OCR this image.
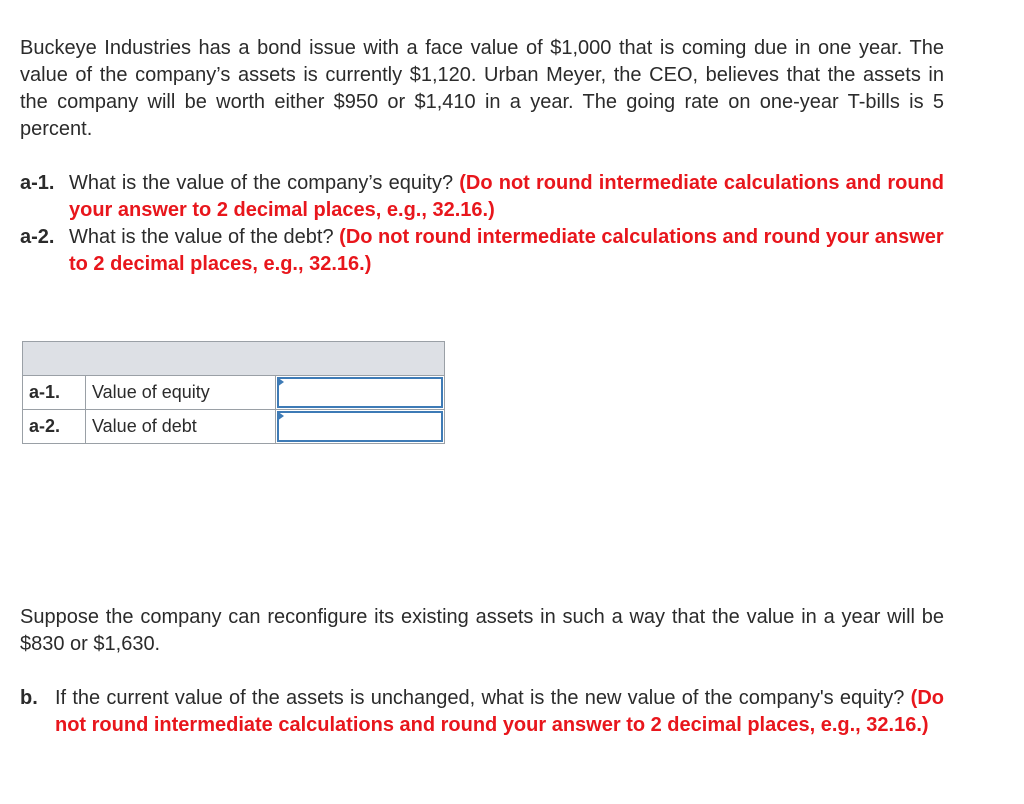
Buckeye Industries has a bond issue with a face value of $1,000 that is coming due in one year. The value of the company’s assets is currently $1,120. Urban Meyer, the CEO, believes that the assets in the company will be worth either $950 or $1,410 in a year. The going rate on one-year T-bills is 5 percent.

a-1. What is the value of the company’s equity? (Do not round intermediate calculations and round your answer to 2 decimal places, e.g., 32.16.)
a-2. What is the value of the debt? (Do not round intermediate calculations and round your answer to 2 decimal places, e.g., 32.16.)

a-1.	Value of equity	

a-2.	Value of debt	

Suppose the company can reconfigure its existing assets in such a way that the value in a year will be $830 or $1,630.

b. If the current value of the assets is unchanged, what is the new value of the company's equity? (Do not round intermediate calculations and round your answer to 2 decimal places, e.g., 32.16.)
